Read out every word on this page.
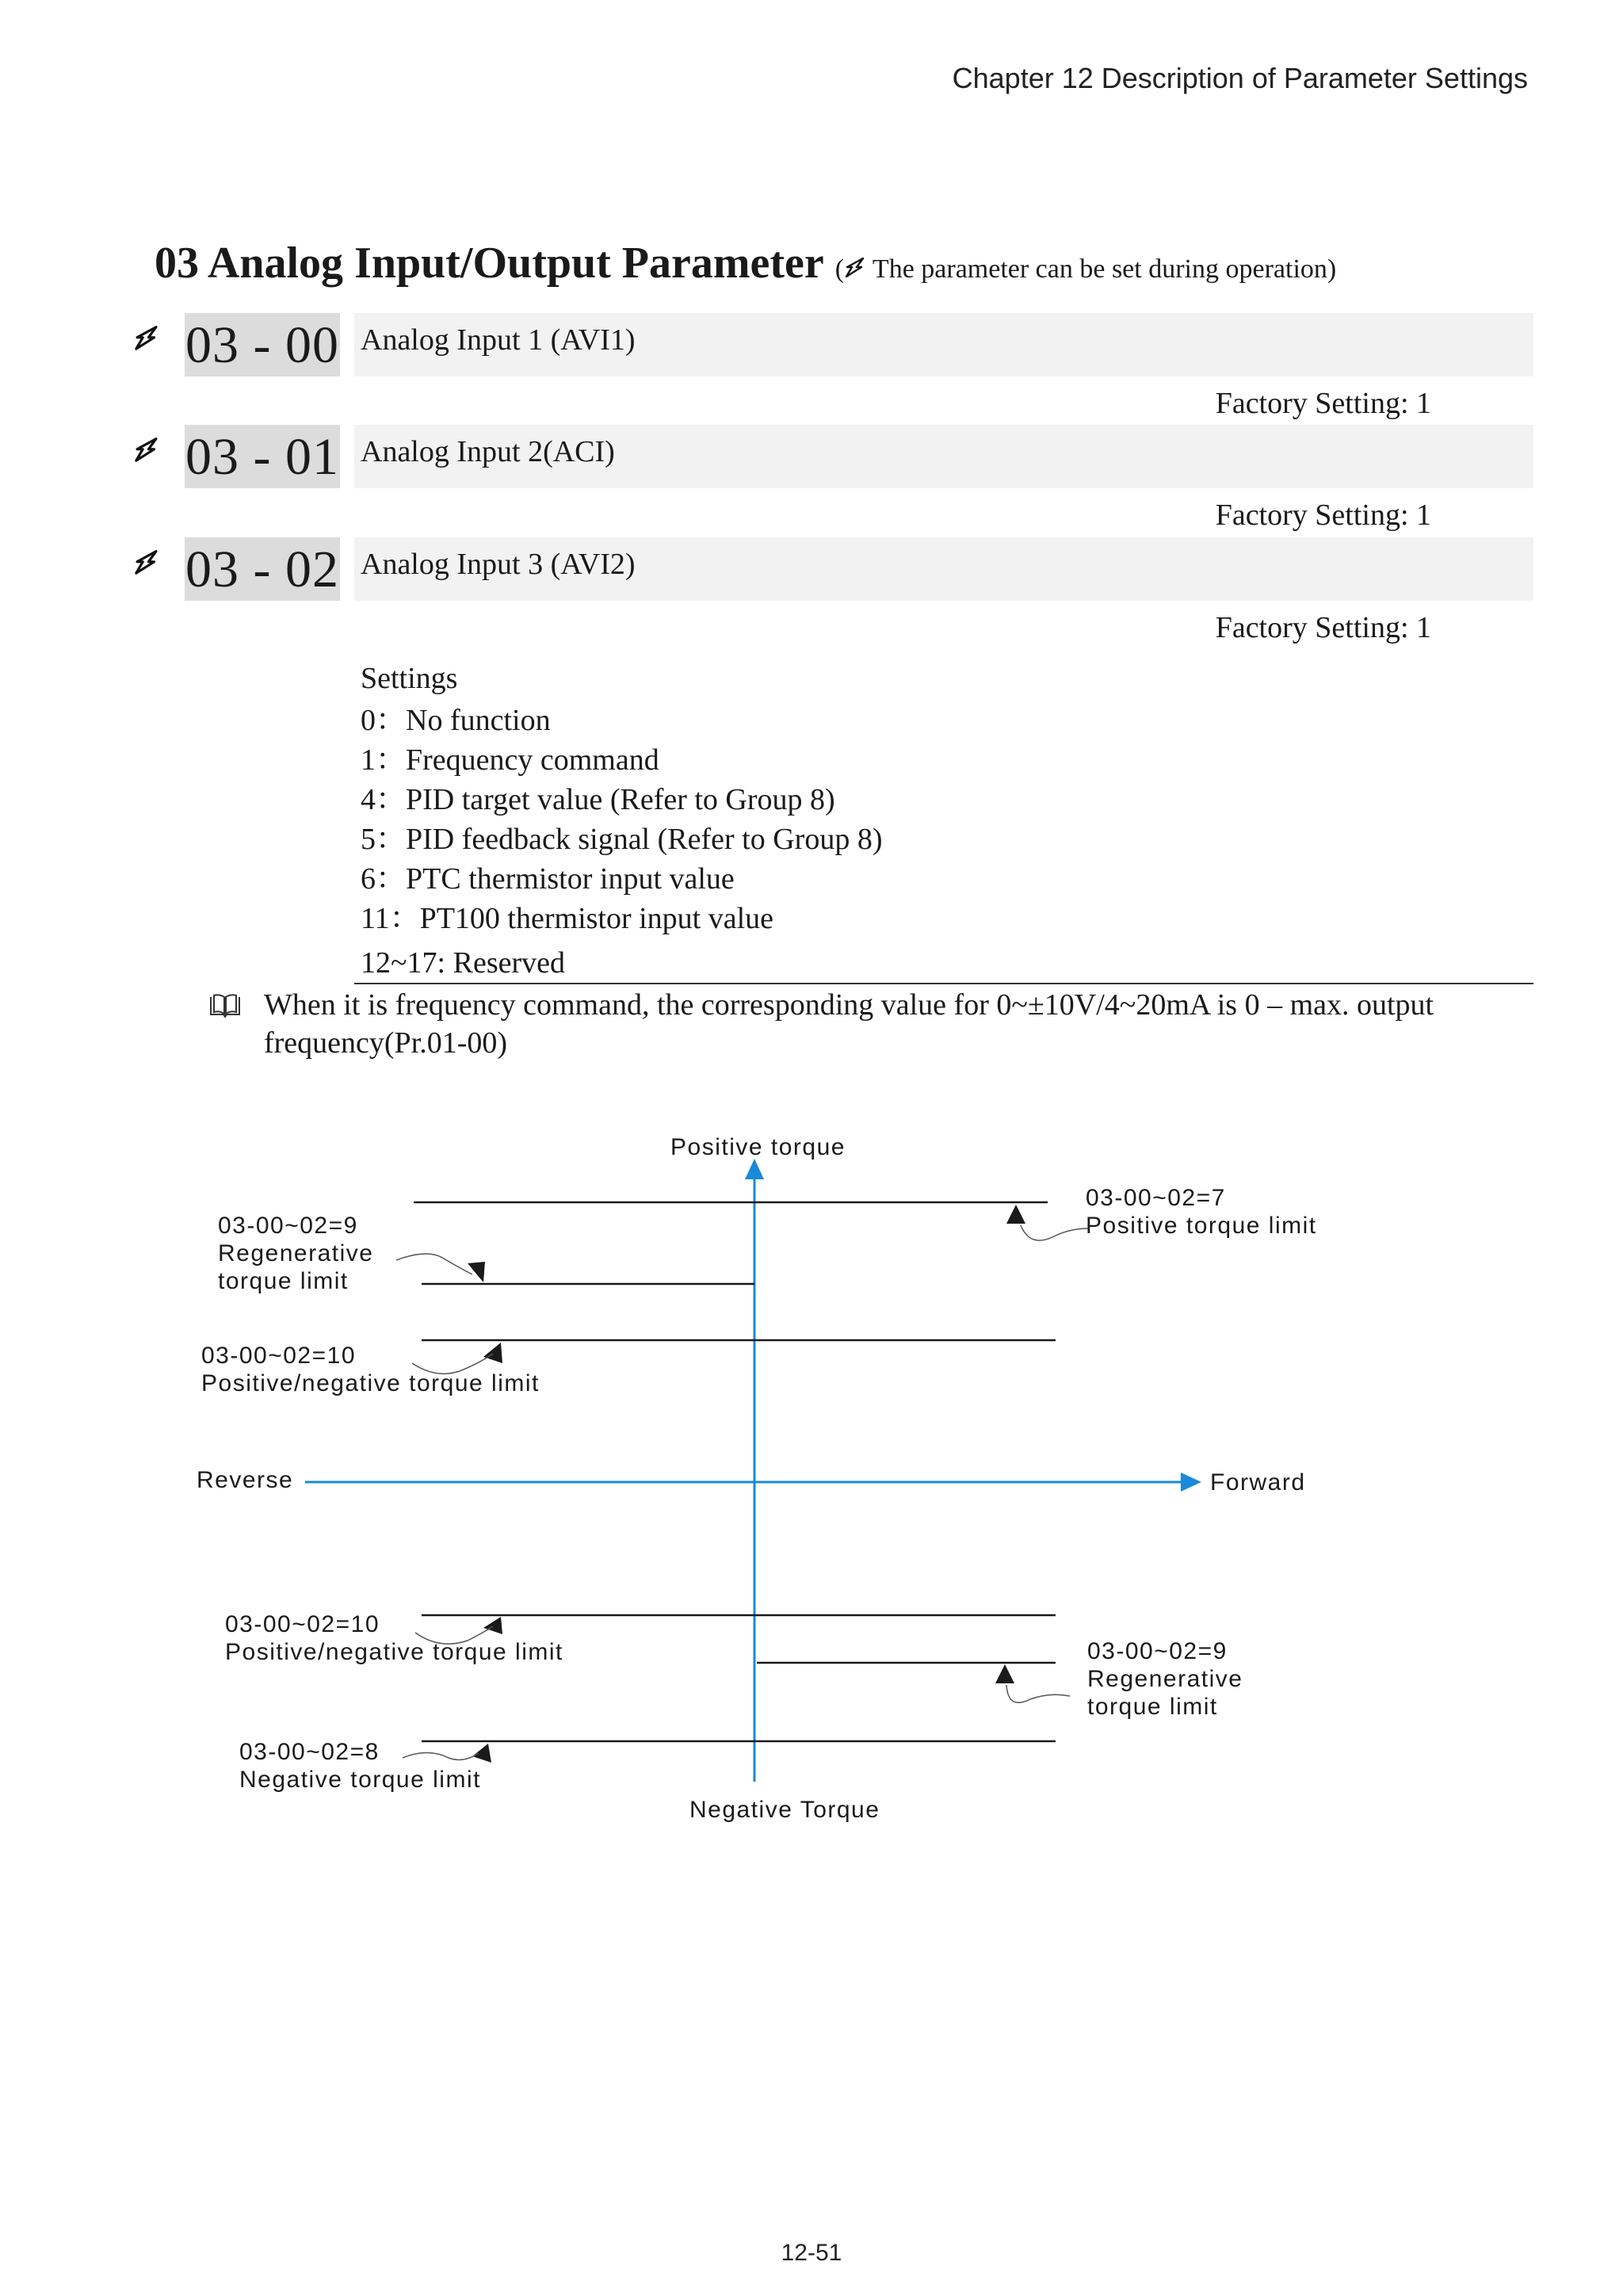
Chapter 12 Description of Parameter Settings
03 Analog Input/Output Parameter ( The parameter can be set during operation)
03 - 00 Analog Input 1 (AVI1)
Factory Setting: 1
03 - 01 Analog Input 2(ACI)
Factory Setting: 1
03 - 02 Analog Input 3 (AVI2)
Factory Setting: 1
Settings
0：No function
1：Frequency command
4：PID target value (Refer to Group 8)
5：PID feedback signal (Refer to Group 8)
6：PTC thermistor input value
11：PT100 thermistor input value
12~17: Reserved
When it is frequency command, the corresponding value for 0~±10V/4~20mA is 0 – max. output frequency(Pr.01-00)
Positive torque
Negative Torque
Reverse	Forward
03-00~02=7
Positive torque limit
03-00~02=9
Regenerative
torque limit
03-00~02=10
Positive/negative torque limit
03-00~02=10
Positive/negative torque limit	03-00~02=9
Regenerative
torque limit
03-00~02=8
Negative torque limit
12-51
